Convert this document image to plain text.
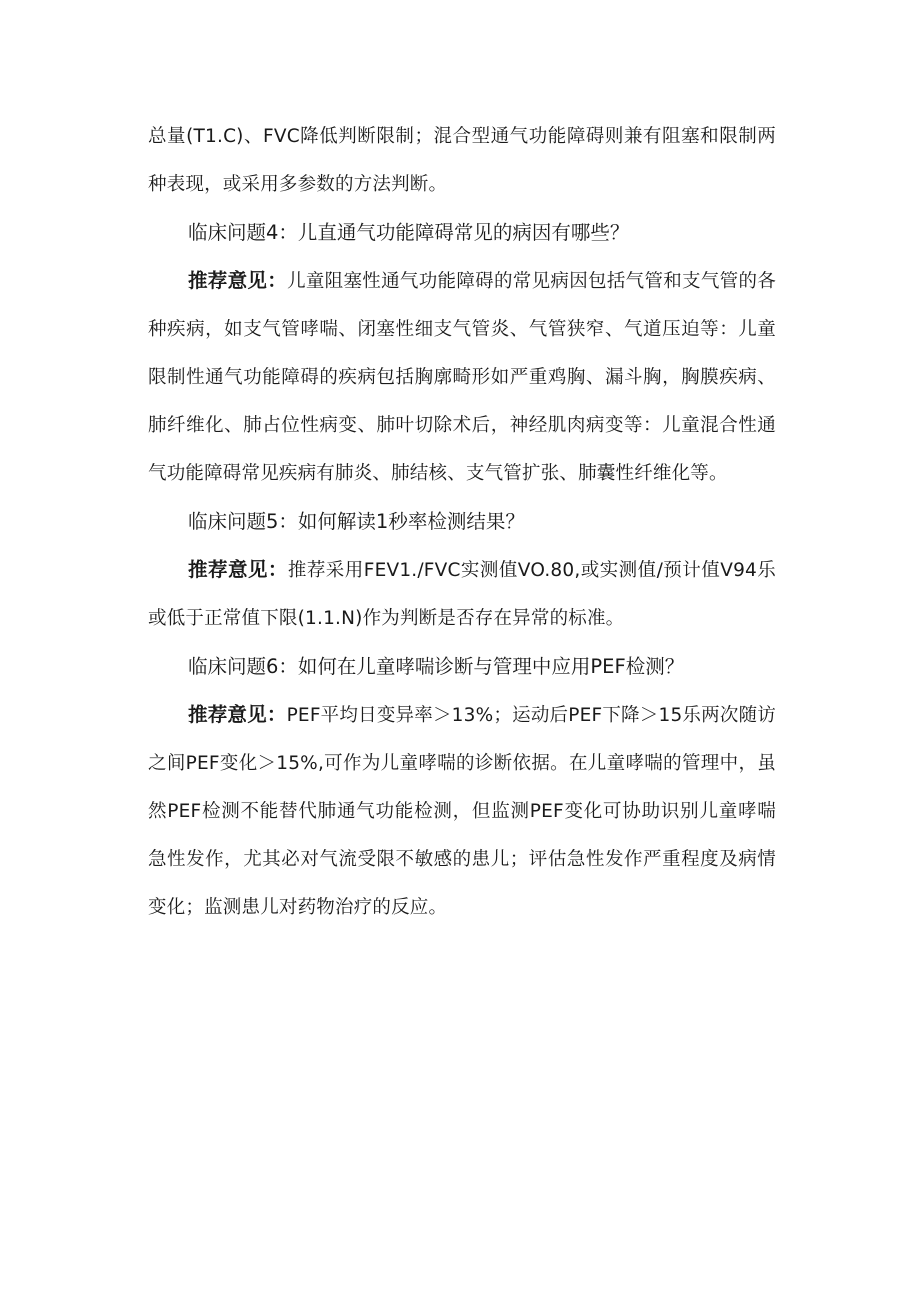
总量(T1.C)、FVC降低判断限制；混合型通气功能障碍则兼有阻塞和限制两种表现，或采用多参数的方法判断。

临床问题4：儿直通气功能障碍常见的病因有哪些？

推荐意见：儿童阻塞性通气功能障碍的常见病因包括气管和支气管的各种疾病，如支气管哮喘、闭塞性细支气管炎、气管狭窄、气道压迫等：儿童限制性通气功能障碍的疾病包括胸廓畸形如严重鸡胸、漏斗胸，胸膜疾病、肺纤维化、肺占位性病变、肺叶切除术后，神经肌肉病变等：儿童混合性通气功能障碍常见疾病有肺炎、肺结核、支气管扩张、肺囊性纤维化等。

临床问题5：如何解读1秒率检测结果？

推荐意见：推荐采用FEV1./FVC实测值VO.80,或实测值/预计值V94乐或低于正常值下限(1.1.N)作为判断是否存在异常的标准。

临床问题6：如何在儿童哮喘诊断与管理中应用PEF检测？

推荐意见：PEF平均日变异率＞13%；运动后PEF下降＞15乐两次随访之间PEF变化＞15%,可作为儿童哮喘的诊断依据。在儿童哮喘的管理中，虽然PEF检测不能替代肺通气功能检测，但监测PEF变化可协助识别儿童哮喘急性发作，尤其必对气流受限不敏感的患儿；评估急性发作严重程度及病情变化；监测患儿对药物治疗的反应。
